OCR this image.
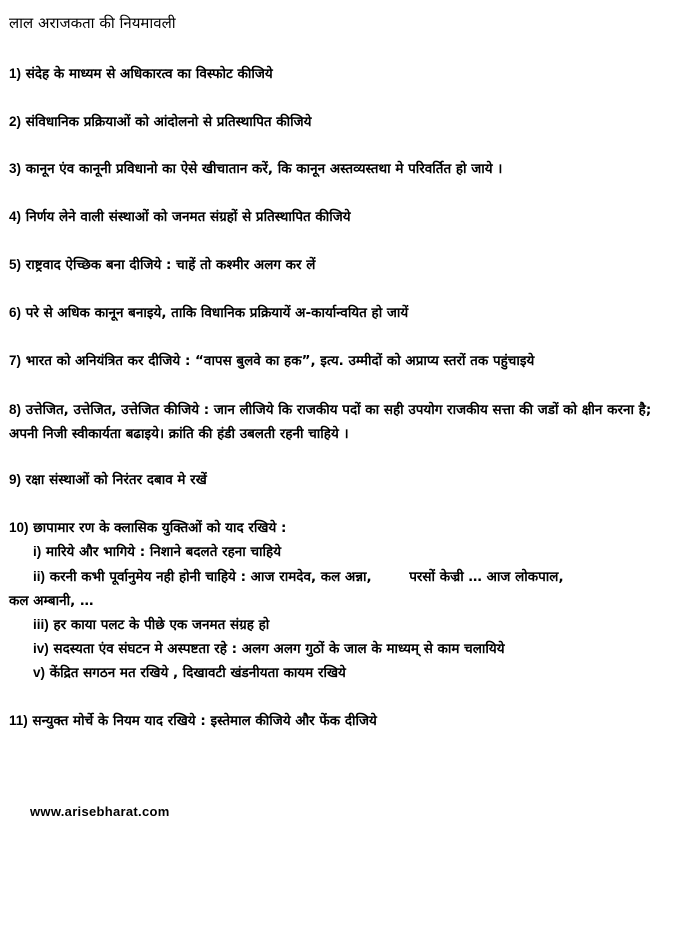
लाल अराजकता की नियमावली
1) संदेह के माध्यम से अधिकारत्व का विस्फोट कीजिये
2) संविधानिक प्रक्रियाओं को आंदोलनो से प्रतिस्थापित कीजिये
3) कानून एंव कानूनी प्रविधानो का ऐसे खीचातान करें, कि कानून अस्तव्यस्तथा मे परिवर्तित हो जाये ।
4) निर्णय लेने वाली संस्थाओं को जनमत संग्रहों से प्रतिस्थापित कीजिये
5) राष्ट्रवाद ऐच्छिक बना दीजिये : चाहें तो कश्मीर अलग कर लें
6) परे से अधिक कानून बनाइये, ताकि विधानिक प्रक्रियायें अ-कार्यान्वयित हो जायें
7) भारत को अनियंत्रित कर दीजिये : “वापस बुलवे का हक”, इत्य. उम्मीदों को अप्राप्य स्तरों तक पहुंचाइये
8) उत्तेजित, उत्तेजित, उत्तेजित कीजिये : जान लीजिये कि राजकीय पदों का सही उपयोग राजकीय सत्ता की जडों को क्षीन करना है; अपनी निजी स्वीकार्यता बढाइये। क्रांति की हंडी उबलती रहनी चाहिये ।
9) रक्षा संस्थाओं को निरंतर दबाव मे रखें
10) छापामार रण के क्लासिक युक्तिओं को याद रखिये :
i) मारिये और भागिये : निशाने बदलते रहना चाहिये
ii) करनी कभी पूर्वानुमेय नही होनी चाहिये : आज रामदेव, कल अन्ना,        परसों केज्री … आज लोकपाल,
कल अम्बानी, …
iii) हर काया पलट के पीछे एक जनमत संग्रह हो
iv) सदस्यता एंव संघटन मे अस्पष्टता रहे : अलग अलग गुठों के जाल के माध्यम् से काम चलायिये
v) केंद्रित सगठन मत रखिये , दिखावटी खंडनीयता कायम रखिये
11) सन्युक्त मोर्चे के नियम याद रखिये : इस्तेमाल कीजिये और फेंक दीजिये
www.arisebharat.com
